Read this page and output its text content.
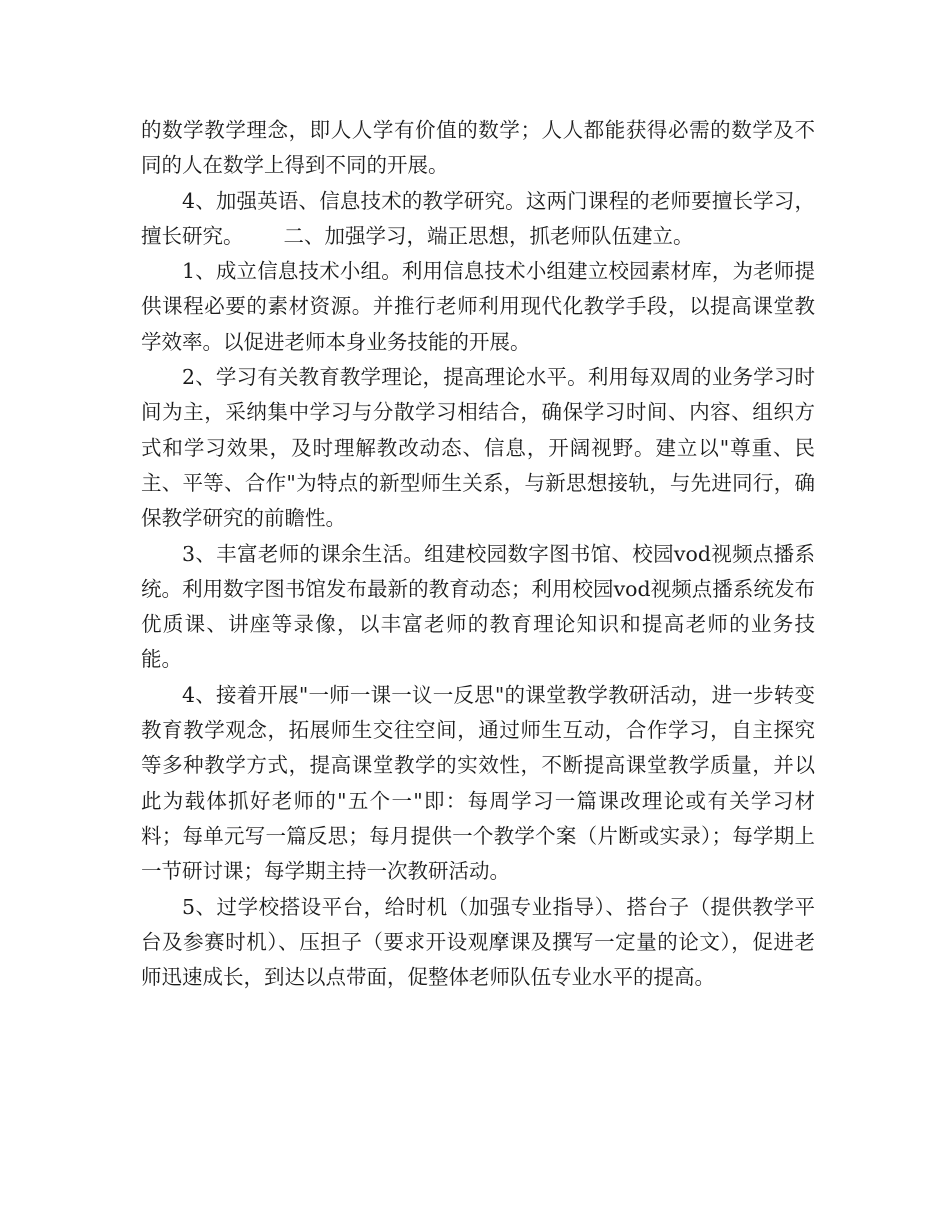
的数学教学理念，即人人学有价值的数学；人人都能获得必需的数学及不同的人在数学上得到不同的开展。

4、加强英语、信息技术的教学研究。这两门课程的老师要擅长学习，擅长研究。 二、加强学习，端正思想，抓老师队伍建立。

1、成立信息技术小组。利用信息技术小组建立校园素材库，为老师提供课程必要的素材资源。并推行老师利用现代化教学手段，以提高课堂教学效率。以促进老师本身业务技能的开展。

2、学习有关教育教学理论，提高理论水平。利用每双周的业务学习时间为主，采纳集中学习与分散学习相结合，确保学习时间、内容、组织方式和学习效果，及时理解教改动态、信息，开阔视野。建立以"尊重、民主、平等、合作"为特点的新型师生关系，与新思想接轨，与先进同行，确保教学研究的前瞻性。

3、丰富老师的课余生活。组建校园数字图书馆、校园vod视频点播系统。利用数字图书馆发布最新的教育动态；利用校园vod视频点播系统发布优质课、讲座等录像，以丰富老师的教育理论知识和提高老师的业务技能。

4、接着开展"一师一课一议一反思"的课堂教学教研活动，进一步转变教育教学观念，拓展师生交往空间，通过师生互动，合作学习，自主探究等多种教学方式，提高课堂教学的实效性，不断提高课堂教学质量，并以此为载体抓好老师的"五个一"即：每周学习一篇课改理论或有关学习材料；每单元写一篇反思；每月提供一个教学个案（片断或实录）；每学期上一节研讨课；每学期主持一次教研活动。

5、过学校搭设平台，给时机（加强专业指导）、搭台子（提供教学平台及参赛时机）、压担子（要求开设观摩课及撰写一定量的论文），促进老师迅速成长，到达以点带面，促整体老师队伍专业水平的提高。
